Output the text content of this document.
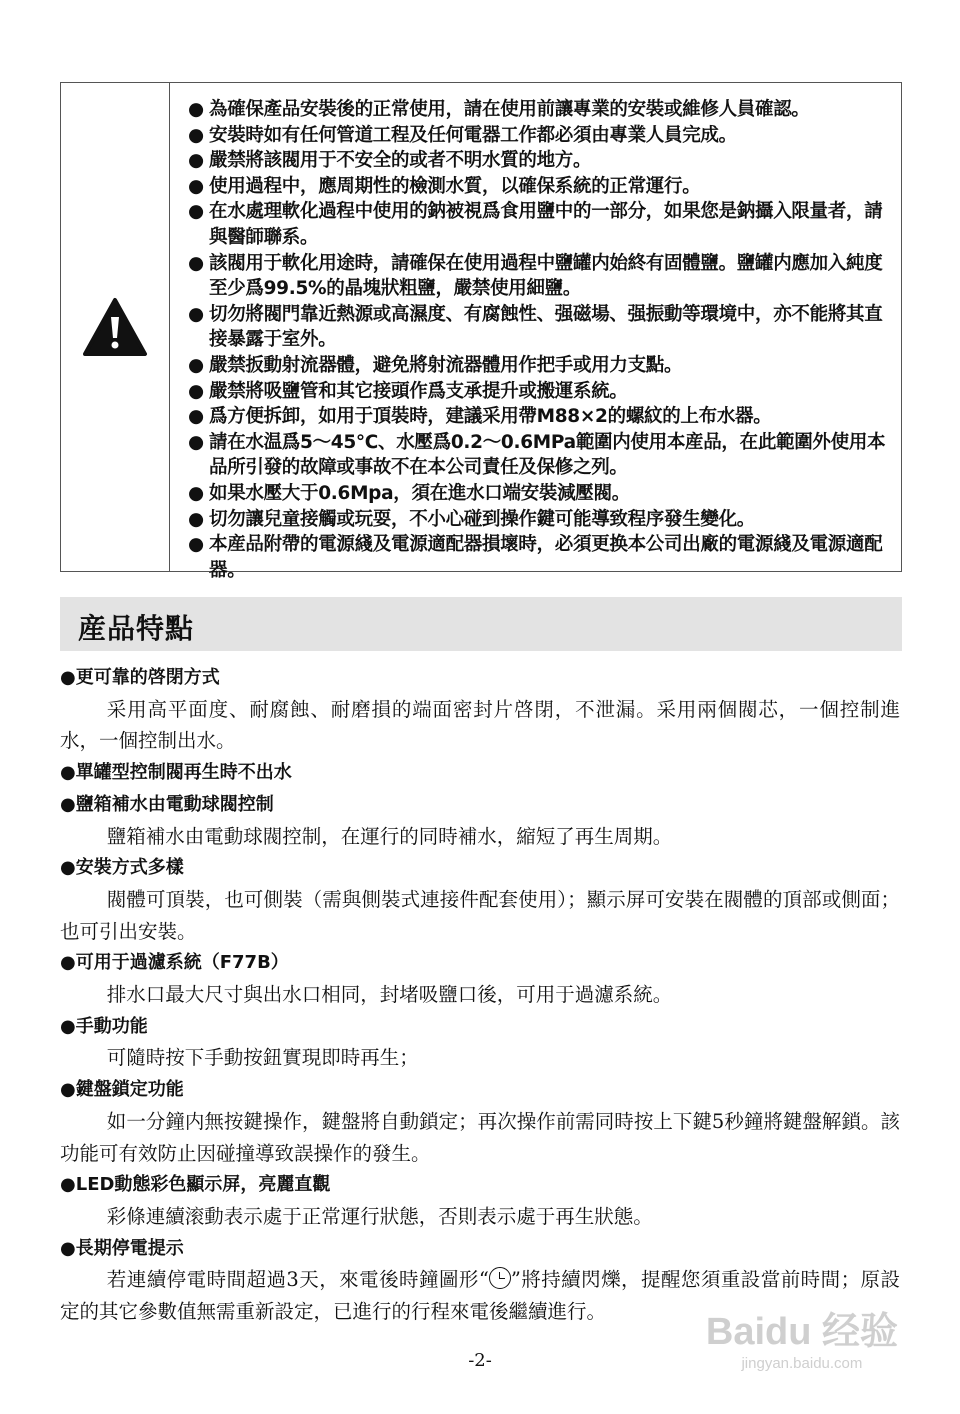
● 為確保產品安裝後的正常使用，請在使用前讓專業的安裝或維修人員確認。
● 安裝時如有任何管道工程及任何電器工作都必須由專業人員完成。
● 嚴禁將該閥用于不安全的或者不明水質的地方。
● 使用過程中，應周期性的檢測水質，以確保系統的正常運行。
● 在水處理軟化過程中使用的鈉被視爲食用鹽中的一部分，如果您是鈉攝入限量者，請與醫師聯系。
● 該閥用于軟化用途時，請確保在使用過程中鹽罐内始終有固體鹽。鹽罐内應加入純度至少爲99.5%的晶塊狀粗鹽，嚴禁使用細鹽。
● 切勿將閥門靠近熱源或高濕度、有腐蝕性、强磁場、强振動等環境中，亦不能將其直接暴露于室外。
● 嚴禁扳動射流器體，避免將射流器體用作把手或用力支點。
● 嚴禁將吸鹽管和其它接頭作爲支承提升或搬運系統。
● 爲方便拆卸，如用于頂裝時，建議采用帶M88×2的螺紋的上布水器。
● 請在水温爲5～45℃、水壓爲0.2～0.6MPa範圍内使用本産品，在此範圍外使用本品所引發的故障或事故不在本公司責任及保修之列。
● 如果水壓大于0.6Mpa，須在進水口端安裝減壓閥。
● 切勿讓兒童接觸或玩耍，不小心碰到操作鍵可能導致程序發生變化。
● 本産品附帶的電源綫及電源適配器損壞時，必須更换本公司出廠的電源綫及電源適配器。
産品特點
● 更可靠的啓閉方式
采用高平面度、耐腐蝕、耐磨損的端面密封片啓閉，不泄漏。采用兩個閥芯，一個控制進水，一個控制出水。
● 單罐型控制閥再生時不出水
● 鹽箱補水由電動球閥控制
鹽箱補水由電動球閥控制，在運行的同時補水，縮短了再生周期。
● 安裝方式多樣
閥體可頂裝，也可側裝（需與側裝式連接件配套使用）；顯示屏可安裝在閥體的頂部或側面；也可引出安裝。
● 可用于過濾系統（F77B）
排水口最大尺寸與出水口相同，封堵吸鹽口後，可用于過濾系統。
● 手動功能
可隨時按下手動按鈕實現即時再生；
● 鍵盤鎖定功能
如一分鐘内無按鍵操作，鍵盤將自動鎖定；再次操作前需同時按上下鍵5秒鐘將鍵盤解鎖。該功能可有效防止因碰撞導致誤操作的發生。
● LED動態彩色顯示屏，亮麗直觀
彩條連續滚動表示處于正常運行狀態，否則表示處于再生狀態。
● 長期停電提示
若連續停電時間超過3天，來電後時鐘圖形“ ”將持續閃爍，提醒您須重設當前時間；原設定的其它參數值無需重新設定，已進行的行程來電後繼續進行。	Baidu 经验
jingyan.baidu.com
-2-
